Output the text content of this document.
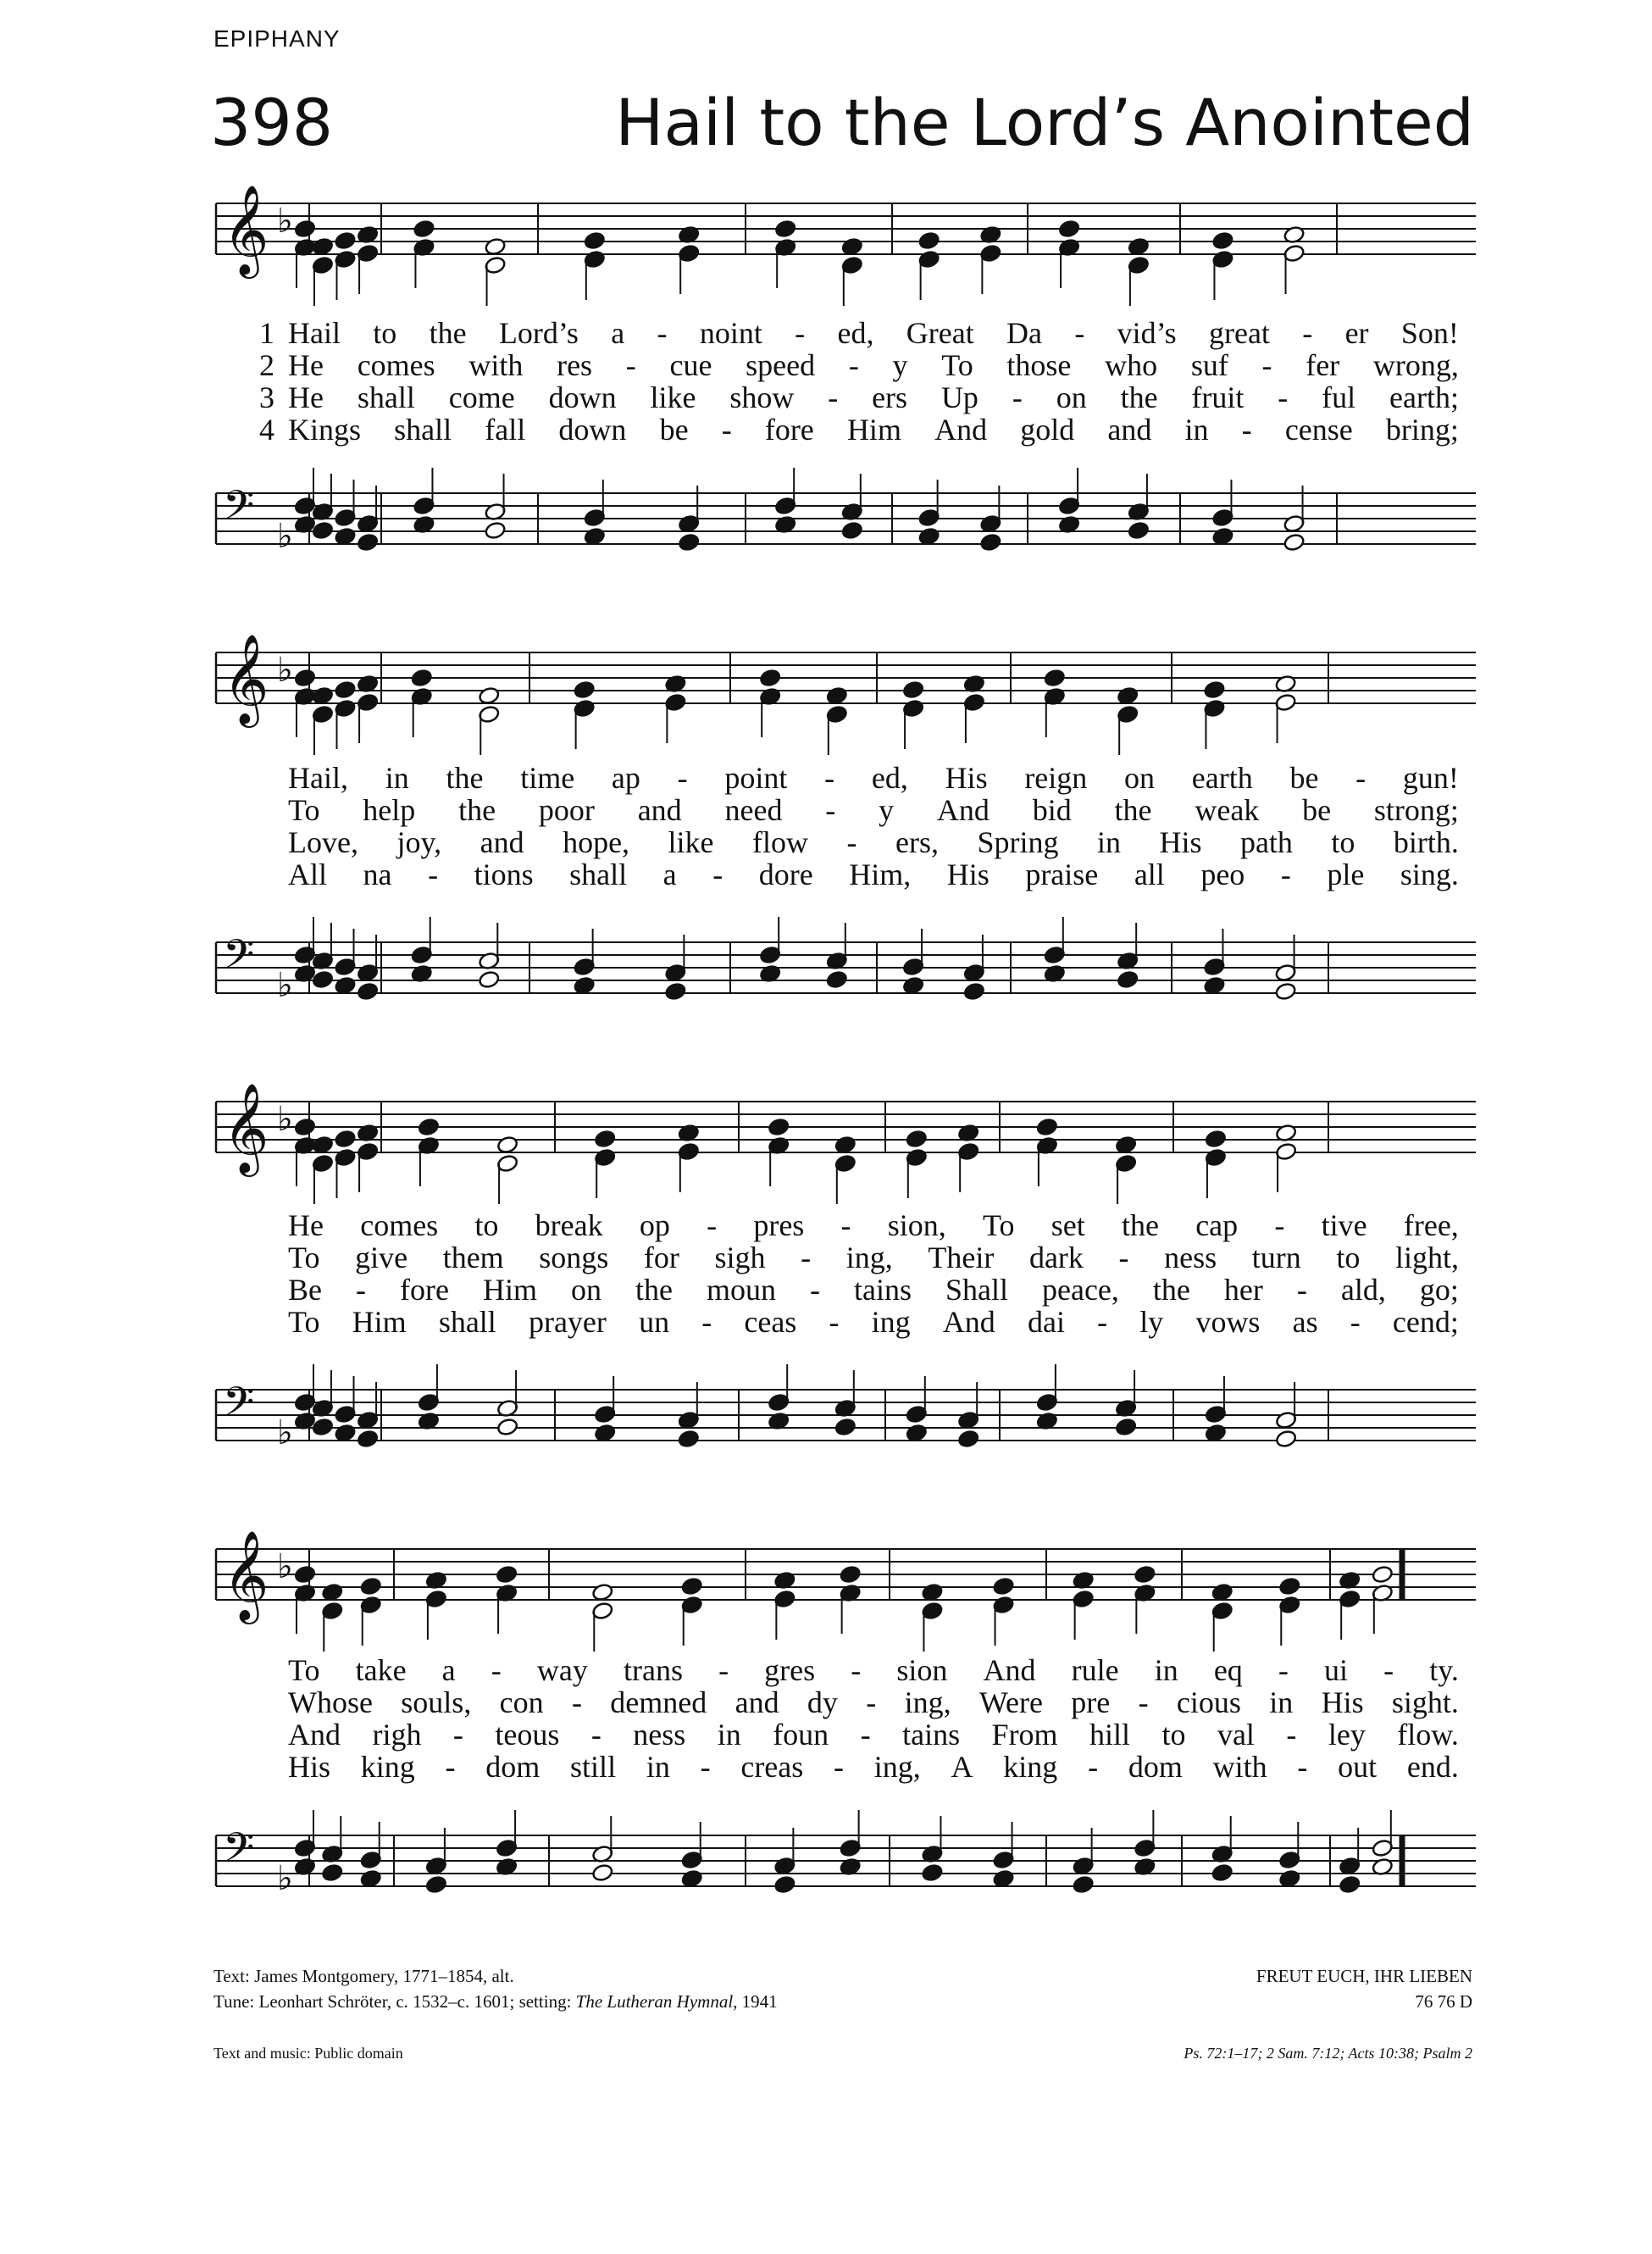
EPIPHANY
398	Hail to the Lord’s Anointed
𝄞 ♭
𝄢 ♭
𝄞 ♭
𝄢 ♭
𝄞 ♭
𝄢 ♭
𝄞 ♭
𝄢 ♭
1 Hail to the Lord’s a - noint - ed, Great Da - vid’s great - er Son!
2 He comes with res - cue speed - y To those who suf - fer wrong,
3 He shall come down like show - ers Up - on the fruit - ful earth;
4 Kings shall fall down be - fore Him And gold and in - cense bring;
Hail, in the time ap - point - ed, His reign on earth be - gun!
To help the poor and need - y And bid the weak be strong;
Love, joy, and hope, like flow - ers, Spring in His path to birth.
All na - tions shall a - dore Him, His praise all peo - ple sing.
He comes to break op - pres - sion, To set the cap - tive free,
To give them songs for sigh - ing, Their dark - ness turn to light,
Be - fore Him on the moun - tains Shall peace, the her - ald, go;
To Him shall prayer un - ceas - ing And dai - ly vows as - cend;
To take a - way trans - gres - sion And rule in eq - ui - ty.
Whose souls, con - demned and dy - ing, Were pre - cious in His sight.
And righ - teous - ness in foun - tains From hill to val - ley flow.
His king - dom still in - creas - ing, A king - dom with - out end.
Text: James Montgomery, 1771–1854, alt.
Tune: Leonhart Schröter, c. 1532–c. 1601; setting: The Lutheran Hymnal, 1941
FREUT EUCH, IHR LIEBEN
76 76 D
Text and music: Public domain	Ps. 72:1–17; 2 Sam. 7:12; Acts 10:38; Psalm 2
